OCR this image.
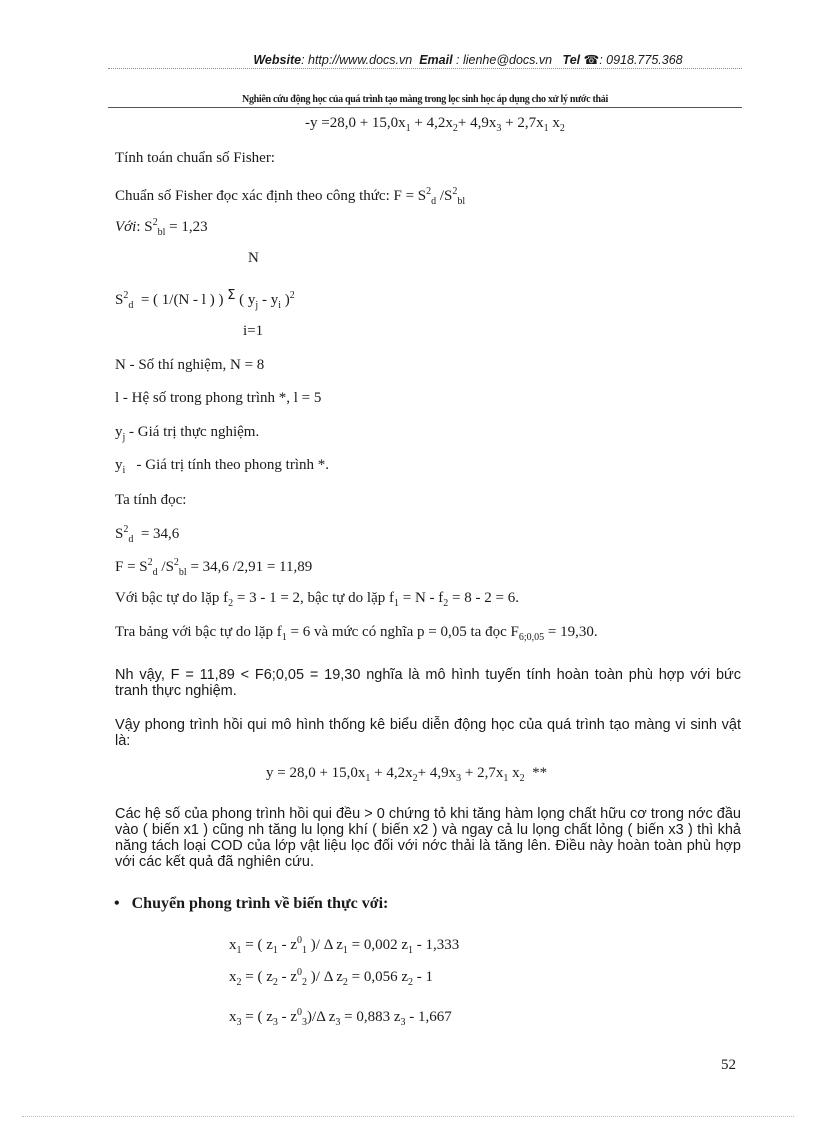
Website: http://www.docs.vn Email : lienhe@docs.vn Tel ☎: 0918.775.368
Nghiên cứu động học của quá trình tạo màng trong lọc sinh học áp dụng cho xử lý nước thải
$-y =28,0 + 15,0x_1 + 4,2x_2+ 4,9x_3 + 2,7x_1$ $x_2$
Tính toán chuẩn số Fisher:
Chuẩn số Fisher đọc xác định theo công thức: $F = S^2_d$ $/S^2_{bl}$
Với: $S^2_{bl} = 1,23$
N
$S^2_d$ = ( 1/(N - l ) ) Σ ( $y_j - y_i$ )$^2$
i=1
N - Số thí nghiệm, N = 8
l - Hệ số trong phong trình *, l = 5
$y_j$ - Giá trị thực nghiệm.
$y_i$ - Giá trị tính theo phong trình *.
Ta tính đọc:
$S^2_d = 34,6$
$F = S^2_d$ $/S^2_{bl} = 34,6$ /2,91 = 11,89
Với bậc tự do lặp $f_2 = 3 - 1 = 2$, bậc tự do lặp $f_1 = N - f_2 = 8 - 2 = 6$.
Tra bảng với bậc tự do lặp $f_1 = 6$ và mức có nghĩa p = 0,05 ta đọc $F_{6;0,05} = 19,30$.
Nh vậy, F = 11,89 < F6;0,05 = 19,30 nghĩa là mô hình tuyến tính hoàn toàn phù hợp với bức tranh thực nghiệm.
Vậy phong trình hồi qui mô hình thống kê biểu diễn động học của quá trình tạo màng vi sinh vật là:
$y = 28,0 + 15,0x_1 + 4,2x_2+ 4,9x_3 + 2,7x_1$ $x_2$ **
Các hệ số của phong trình hồi qui đều > 0 chứng tỏ khi tăng hàm lọng chất hữu cơ trong nớc đầu vào ( biến x1 ) cũng nh tăng lu lọng khí ( biến x2 ) và ngay cả lu lọng chất lỏng ( biến x3 ) thì khả năng tách loại COD của lớp vật liệu lọc đối với nớc thải là tăng lên. Điều này hoàn toàn phù hợp với các kết quả đã nghiên cứu.
• Chuyển phong trình về biến thực với:
$x_1$ = ( $z_1 - z^0_1$ )/ Δ $z_1 = 0,002$ $z_1 - 1,333$
$x_2$ = ( $z_2 - z^0_2$ )/ Δ $z_2 = 0,056$ $z_2 - 1$
$x_3$ = ( $z_3 - z^0_3)/\Delta$ $z_3 = 0,883$ $z_3 - 1,667$
52
